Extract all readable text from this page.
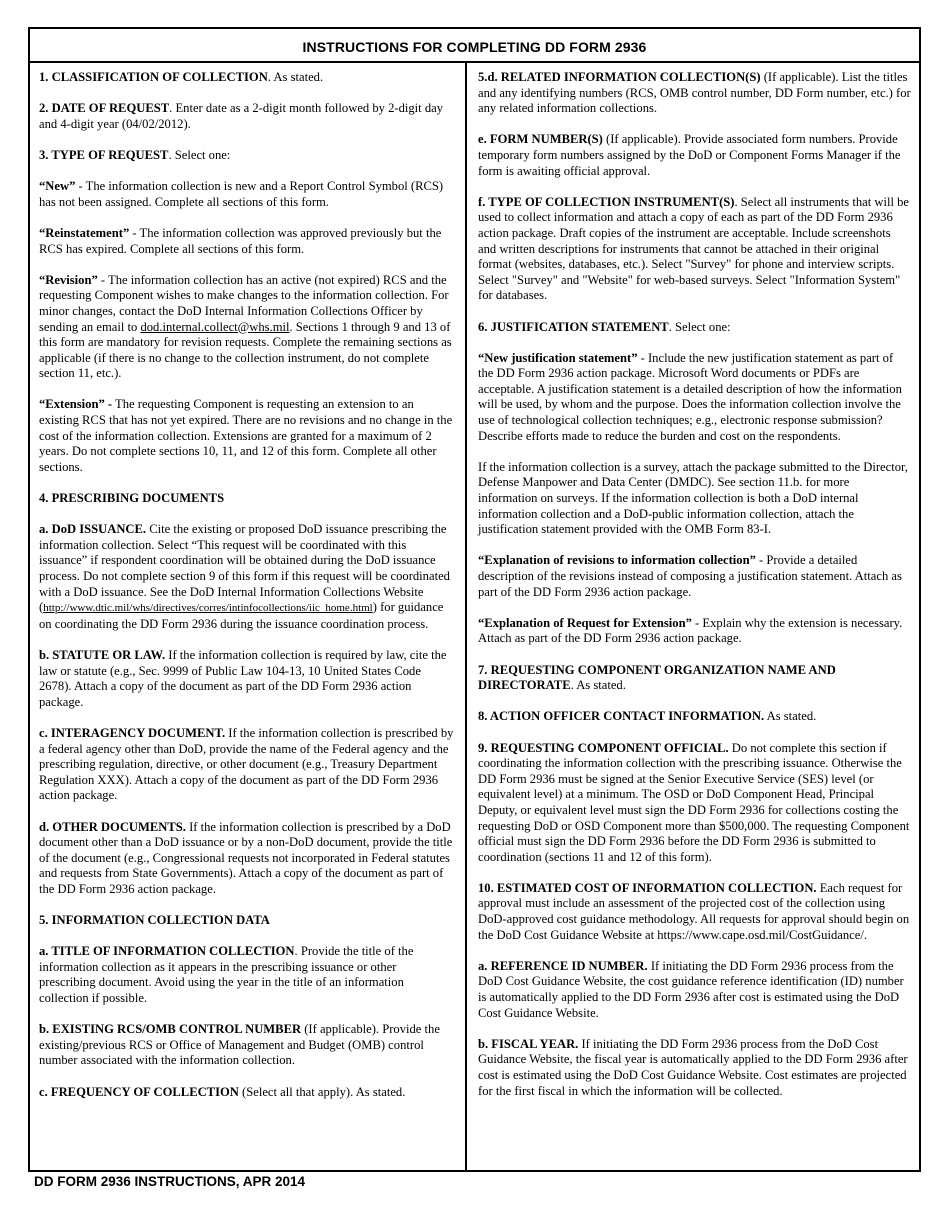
INSTRUCTIONS FOR COMPLETING DD FORM 2936

1. CLASSIFICATION OF COLLECTION. As stated.

2. DATE OF REQUEST. Enter date as a 2-digit month followed by 2-digit day and 4-digit year (04/02/2012).

3. TYPE OF REQUEST. Select one:

“New” - The information collection is new and a Report Control Symbol (RCS) has not been assigned. Complete all sections of this form.

“Reinstatement” - The information collection was approved previously but the RCS has expired. Complete all sections of this form.

“Revision” - The information collection has an active (not expired) RCS and the requesting Component wishes to make changes to the information collection. For minor changes, contact the DoD Internal Information Collections Officer by sending an email to dod.internal.collect@whs.mil. Sections 1 through 9 and 13 of this form are mandatory for revision requests. Complete the remaining sections as applicable (if there is no change to the collection instrument, do not complete section 11, etc.).

“Extension” - The requesting Component is requesting an extension to an existing RCS that has not yet expired. There are no revisions and no change in the cost of the information collection. Extensions are granted for a maximum of 2 years. Do not complete sections 10, 11, and 12 of this form. Complete all other sections.

4. PRESCRIBING DOCUMENTS

a. DoD ISSUANCE. Cite the existing or proposed DoD issuance prescribing the information collection. Select “This request will be coordinated with this issuance” if respondent coordination will be obtained during the DoD issuance process. Do not complete section 9 of this form if this request will be coordinated with a DoD issuance. See the DoD Internal Information Collections Website (http://www.dtic.mil/whs/directives/corres/intinfocollections/iic_home.html) for guidance on coordinating the DD Form 2936 during the issuance coordination process.

b. STATUTE OR LAW. If the information collection is required by law, cite the law or statute (e.g., Sec. 9999 of Public Law 104-13, 10 United States Code 2678). Attach a copy of the document as part of the DD Form 2936 action package.

c. INTERAGENCY DOCUMENT. If the information collection is prescribed by a federal agency other than DoD, provide the name of the Federal agency and the prescribing regulation, directive, or other document (e.g., Treasury Department Regulation XXX). Attach a copy of the document as part of the DD Form 2936 action package.

d. OTHER DOCUMENTS. If the information collection is prescribed by a DoD document other than a DoD issuance or by a non-DoD document, provide the title of the document (e.g., Congressional requests not incorporated in Federal statutes and requests from State Governments). Attach a copy of the document as part of the DD Form 2936 action package.

5. INFORMATION COLLECTION DATA

a. TITLE OF INFORMATION COLLECTION. Provide the title of the information collection as it appears in the prescribing issuance or other prescribing document. Avoid using the year in the title of an information collection if possible.

b. EXISTING RCS/OMB CONTROL NUMBER (If applicable). Provide the existing/previous RCS or Office of Management and Budget (OMB) control number associated with the information collection.

c. FREQUENCY OF COLLECTION (Select all that apply). As stated.

5.d. RELATED INFORMATION COLLECTION(S) (If applicable). List the titles and any identifying numbers (RCS, OMB control number, DD Form number, etc.) for any related information collections.

e. FORM NUMBER(S) (If applicable). Provide associated form numbers. Provide temporary form numbers assigned by the DoD or Component Forms Manager if the form is awaiting official approval.

f. TYPE OF COLLECTION INSTRUMENT(S). Select all instruments that will be used to collect information and attach a copy of each as part of the DD Form 2936 action package. Draft copies of the instrument are acceptable. Include screenshots and written descriptions for instruments that cannot be attached in their original format (websites, databases, etc.). Select "Survey" for phone and interview scripts. Select "Survey" and "Website" for web-based surveys. Select "Information System" for databases.

6. JUSTIFICATION STATEMENT. Select one:

“New justification statement” - Include the new justification statement as part of the DD Form 2936 action package. Microsoft Word documents or PDFs are acceptable. A justification statement is a detailed description of how the information will be used, by whom and the purpose. Does the information collection involve the use of technological collection techniques; e.g., electronic response submission? Describe efforts made to reduce the burden and cost on the respondents.

If the information collection is a survey, attach the package submitted to the Director, Defense Manpower and Data Center (DMDC). See section 11.b. for more information on surveys. If the information collection is both a DoD internal information collection and a DoD-public information collection, attach the justification statement provided with the OMB Form 83-I.

“Explanation of revisions to information collection” - Provide a detailed description of the revisions instead of composing a justification statement. Attach as part of the DD Form 2936 action package.

“Explanation of Request for Extension” - Explain why the extension is necessary. Attach as part of the DD Form 2936 action package.

7. REQUESTING COMPONENT ORGANIZATION NAME AND DIRECTORATE. As stated.

8. ACTION OFFICER CONTACT INFORMATION. As stated.

9. REQUESTING COMPONENT OFFICIAL. Do not complete this section if coordinating the information collection with the prescribing issuance. Otherwise the DD Form 2936 must be signed at the Senior Executive Service (SES) level (or equivalent level) at a minimum. The OSD or DoD Component Head, Principal Deputy, or equivalent level must sign the DD Form 2936 for collections costing the requesting DoD or OSD Component more than $500,000. The requesting Component official must sign the DD Form 2936 before the DD Form 2936 is submitted to coordination (sections 11 and 12 of this form).

10. ESTIMATED COST OF INFORMATION COLLECTION. Each request for approval must include an assessment of the projected cost of the collection using DoD-approved cost guidance methodology. All requests for approval should begin on the DoD Cost Guidance Website at https://www.cape.osd.mil/CostGuidance/.

a. REFERENCE ID NUMBER. If initiating the DD Form 2936 process from the DoD Cost Guidance Website, the cost guidance reference identification (ID) number is automatically applied to the DD Form 2936 after cost is estimated using the DoD Cost Guidance Website.

b. FISCAL YEAR. If initiating the DD Form 2936 process from the DoD Cost Guidance Website, the fiscal year is automatically applied to the DD Form 2936 after cost is estimated using the DoD Cost Guidance Website. Cost estimates are projected for the first fiscal in which the information will be collected.

DD FORM 2936 INSTRUCTIONS, APR 2014
